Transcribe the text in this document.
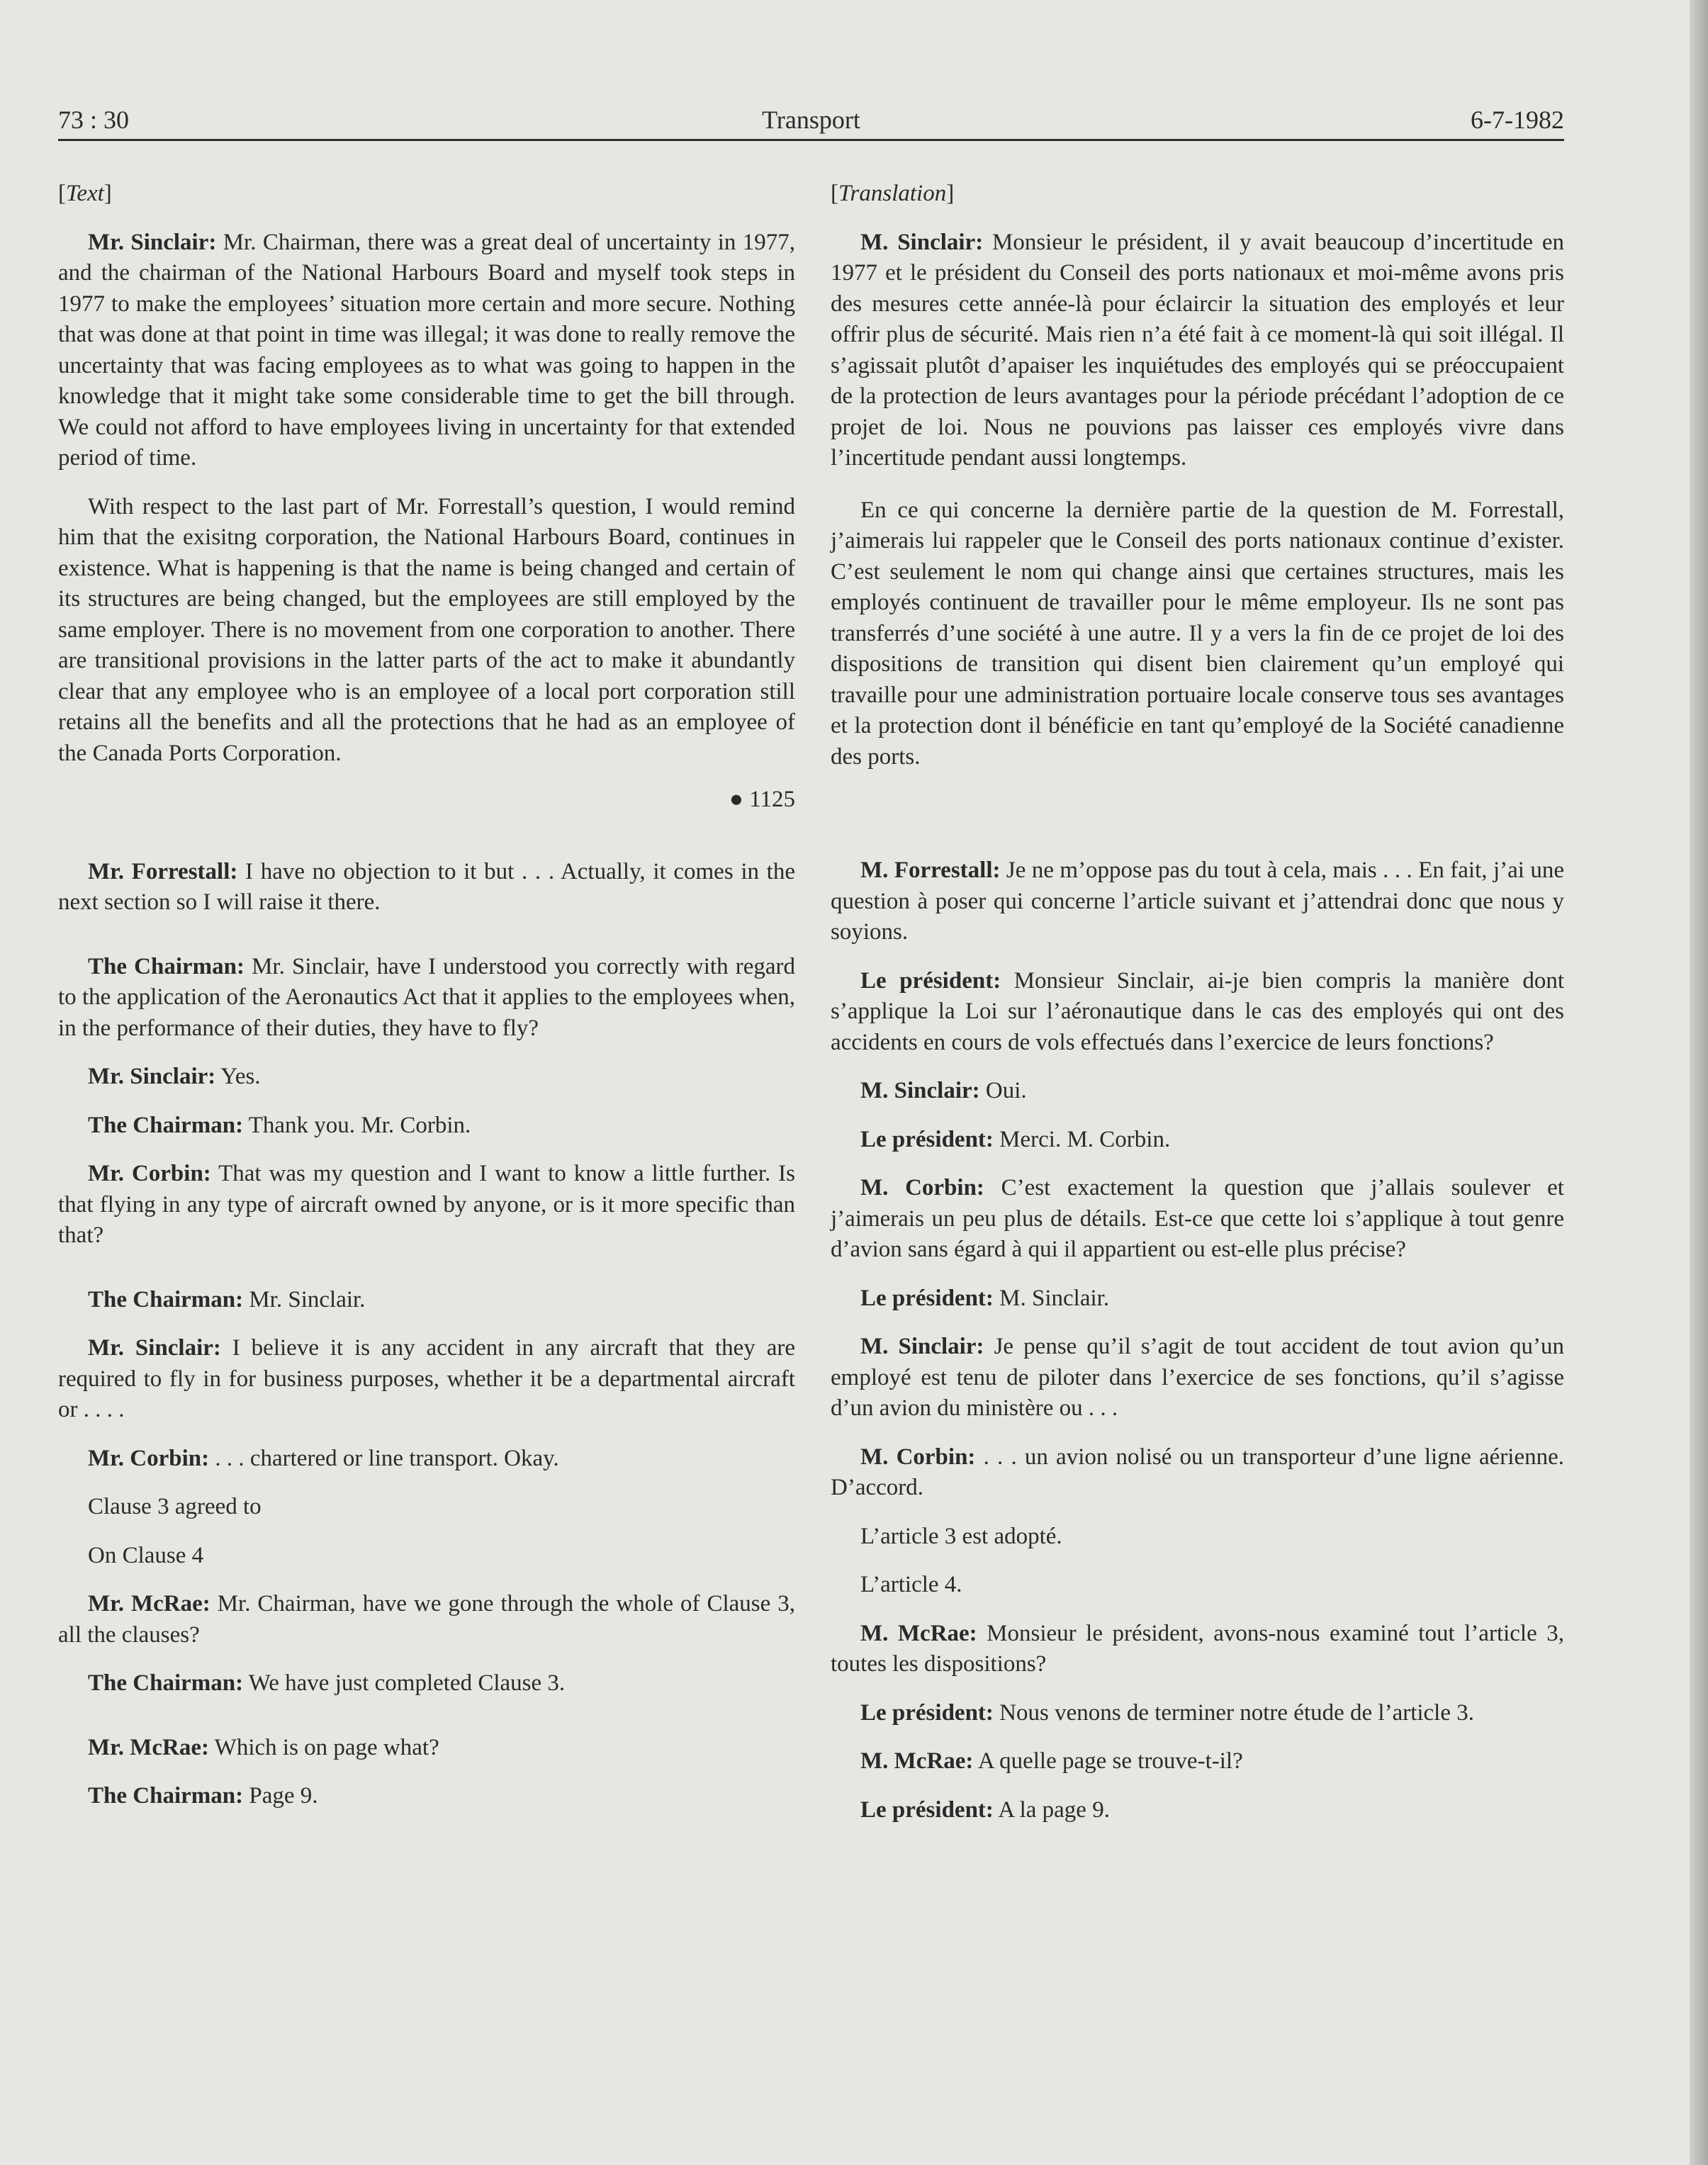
73 : 30	Transport	6-7-1982

[Text]

Mr. Sinclair: Mr. Chairman, there was a great deal of uncertainty in 1977, and the chairman of the National Harbours Board and myself took steps in 1977 to make the employees’ situation more certain and more secure. Nothing that was done at that point in time was illegal; it was done to really remove the uncertainty that was facing employees as to what was going to happen in the knowledge that it might take some considerable time to get the bill through. We could not afford to have employees living in uncertainty for that extended period of time.

With respect to the last part of Mr. Forrestall’s question, I would remind him that the exisitng corporation, the National Harbours Board, continues in existence. What is happening is that the name is being changed and certain of its structures are being changed, but the employees are still employed by the same employer. There is no movement from one corporation to another. There are transitional provisions in the latter parts of the act to make it abundantly clear that any employee who is an employee of a local port corporation still retains all the benefits and all the protections that he had as an employee of the Canada Ports Corporation.

● 1125

Mr. Forrestall: I have no objection to it but . . . Actually, it comes in the next section so I will raise it there.

The Chairman: Mr. Sinclair, have I understood you correctly with regard to the application of the Aeronautics Act that it applies to the employees when, in the performance of their duties, they have to fly?

Mr. Sinclair: Yes.

The Chairman: Thank you. Mr. Corbin.

Mr. Corbin: That was my question and I want to know a little further. Is that flying in any type of aircraft owned by anyone, or is it more specific than that?

The Chairman: Mr. Sinclair.

Mr. Sinclair: I believe it is any accident in any aircraft that they are required to fly in for business purposes, whether it be a departmental aircraft or . . . .

Mr. Corbin: . . . chartered or line transport. Okay.

Clause 3 agreed to

On Clause 4

Mr. McRae: Mr. Chairman, have we gone through the whole of Clause 3, all the clauses?

The Chairman: We have just completed Clause 3.

Mr. McRae: Which is on page what?

The Chairman: Page 9.

[Translation]

M. Sinclair: Monsieur le président, il y avait beaucoup d’incertitude en 1977 et le président du Conseil des ports nationaux et moi-même avons pris des mesures cette année-là pour éclaircir la situation des employés et leur offrir plus de sécurité. Mais rien n’a été fait à ce moment-là qui soit illégal. Il s’agissait plutôt d’apaiser les inquiétudes des employés qui se préoccupaient de la protection de leurs avantages pour la période précédant l’adoption de ce projet de loi. Nous ne pouvions pas laisser ces employés vivre dans l’incertitude pendant aussi longtemps.

En ce qui concerne la dernière partie de la question de M. Forrestall, j’aimerais lui rappeler que le Conseil des ports nationaux continue d’exister. C’est seulement le nom qui change ainsi que certaines structures, mais les employés continuent de travailler pour le même employeur. Ils ne sont pas transferrés d’une société à une autre. Il y a vers la fin de ce projet de loi des dispositions de transition qui disent bien clairement qu’un employé qui travaille pour une administration portuaire locale conserve tous ses avantages et la protection dont il bénéficie en tant qu’employé de la Société canadienne des ports.

M. Forrestall: Je ne m’oppose pas du tout à cela, mais . . . En fait, j’ai une question à poser qui concerne l’article suivant et j’attendrai donc que nous y soyions.

Le président: Monsieur Sinclair, ai-je bien compris la manière dont s’applique la Loi sur l’aéronautique dans le cas des employés qui ont des accidents en cours de vols effectués dans l’exercice de leurs fonctions?

M. Sinclair: Oui.

Le président: Merci. M. Corbin.

M. Corbin: C’est exactement la question que j’allais soulever et j’aimerais un peu plus de détails. Est-ce que cette loi s’applique à tout genre d’avion sans égard à qui il appartient ou est-elle plus précise?

Le président: M. Sinclair.

M. Sinclair: Je pense qu’il s’agit de tout accident de tout avion qu’un employé est tenu de piloter dans l’exercice de ses fonctions, qu’il s’agisse d’un avion du ministère ou . . .

M. Corbin: . . . un avion nolisé ou un transporteur d’une ligne aérienne. D’accord.

L’article 3 est adopté.

L’article 4.

M. McRae: Monsieur le président, avons-nous examiné tout l’article 3, toutes les dispositions?

Le président: Nous venons de terminer notre étude de l’article 3.

M. McRae: A quelle page se trouve-t-il?

Le président: A la page 9.
